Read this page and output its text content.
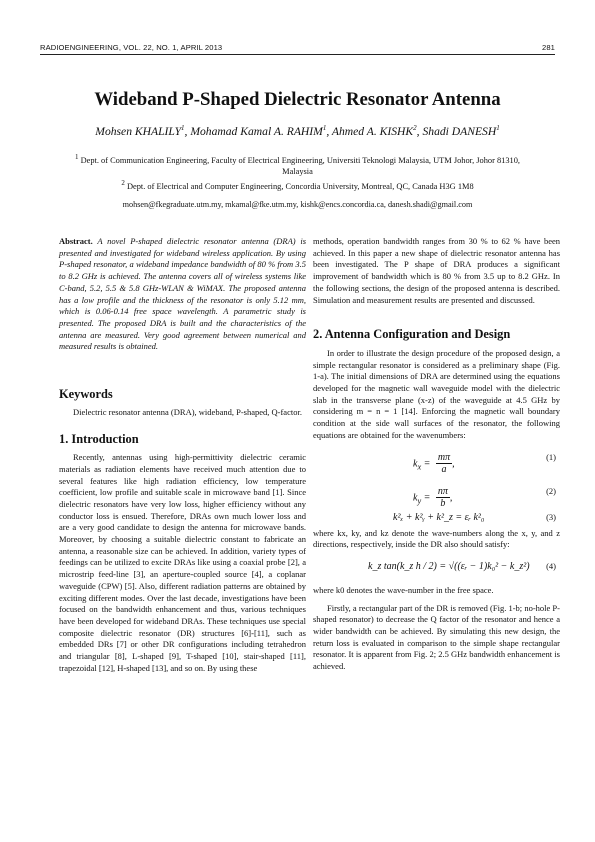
RADIOENGINEERING, VOL. 22, NO. 1, APRIL 2013	281
Wideband P-Shaped Dielectric Resonator Antenna
Mohsen KHALILY$^1$, Mohamad Kamal A. RAHIM$^1$, Ahmed A. KISHK$^2$, Shadi DANESH$^1$
$^1$ Dept. of Communication Engineering, Faculty of Electrical Engineering, Universiti Teknologi Malaysia, UTM Johor, Johor 81310, Malaysia
$^2$ Dept. of Electrical and Computer Engineering, Concordia University, Montreal, QC, Canada H3G 1M8
mohsen@fkegraduate.utm.my, mkamal@fke.utm.my, kishk@encs.concordia.ca, danesh.shadi@gmail.com

Abstract. A novel P-shaped dielectric resonator antenna (DRA) is presented and investigated for wideband wireless application. By using P-shaped resonator, a wideband impedance bandwidth of 80 % from 3.5 to 8.2 GHz is achieved. The antenna covers all of wireless systems like C-band, 5.2, 5.5 & 5.8 GHz-WLAN & WiMAX. The proposed antenna has a low profile and the thickness of the resonator is only 5.12 mm, which is 0.06-0.14 free space wavelength. A parametric study is presented. The proposed DRA is built and the characteristics of the antenna are measured. Very good agreement between numerical and measured results is obtained.

Keywords

Dielectric resonator antenna (DRA), wideband, P-shaped, Q-factor.

1. Introduction

Recently, antennas using high-permittivity dielectric ceramic materials as radiation elements have received much attention due to several features like high radiation efficiency, low temperature coefficient, low profile and suitable scale in microwave band [1]. Since dielectric resonators have very low loss, higher efficiency without any conductor loss is ensued. Therefore, DRAs own much lower loss and are a very good candidate to design the antenna for microwave bands. Moreover, by choosing a suitable dielectric constant to fabricate an antenna, a reasonable size can be achieved. In addition, variety types of feedings can be utilized to excite DRAs like using a coaxial probe [2], a microstrip feed-line [3], an aperture-coupled source [4], a coplanar waveguide (CPW) [5]. Also, different radiation patterns are obtained by exciting different modes. Over the last decade, investigations have been focused on the bandwidth enhancement and thus, various techniques have been developed for wideband DRAs. These techniques use special composite dielectric resonator (DR) structures [6]-[11], such as embedded DRs [7] or other DR configurations including tetrahedron and triangular [8], L-shaped [9], T-shaped [10], stair-shaped [11], trapezoidal [12], H-shaped [13], and so on. By using these

methods, operation bandwidth ranges from 30 % to 62 % have been achieved. In this paper a new shape of dielectric resonator antenna has been investigated. The P shape of DRA produces a significant improvement of bandwidth which is 80 % from 3.5 up to 8.2 GHz. In the following sections, the design of the proposed antenna is described. Simulation and measurement results are presented and discussed.

2. Antenna Configuration and Design

In order to illustrate the design procedure of the proposed design, a simple rectangular resonator is considered as a preliminary shape (Fig. 1-a). The initial dimensions of DRA are determined using the equations developed for the magnetic wall waveguide model with the dielectric slab in the transverse plane (x-z) of the waveguide at 4.5 GHz by considering m = n = 1 [14]. Enforcing the magnetic wall boundary condition at the side wall surfaces of the resonator, the following equations are obtained for the wavenumbers:

$k_x = \frac{m\pi}{a}$ ,
(1)
$k_y = \frac{n\pi}{b}$ ,
(2)
k²ₓ + k²ᵧ + k²_z = εᵣ k²₀	(3)

where kx, ky, and kz denote the wave-numbers along the x, y, and z directions, respectively, inside the DR also should satisfy:

k_z tan(k_z h / 2) = √((εᵣ − 1)k₀² − k_z²) (4)

where k0 denotes the wave-number in the free space.

Firstly, a rectangular part of the DR is removed (Fig. 1-b; no-hole P-shaped resonator) to decrease the Q factor of the resonator and hence a wider bandwidth can be achieved. By simulating this new design, the return loss is evaluated in comparison to the simple shape rectangular resonator. It is apparent from Fig. 2; 2.5 GHz bandwidth enhancement is achieved.
